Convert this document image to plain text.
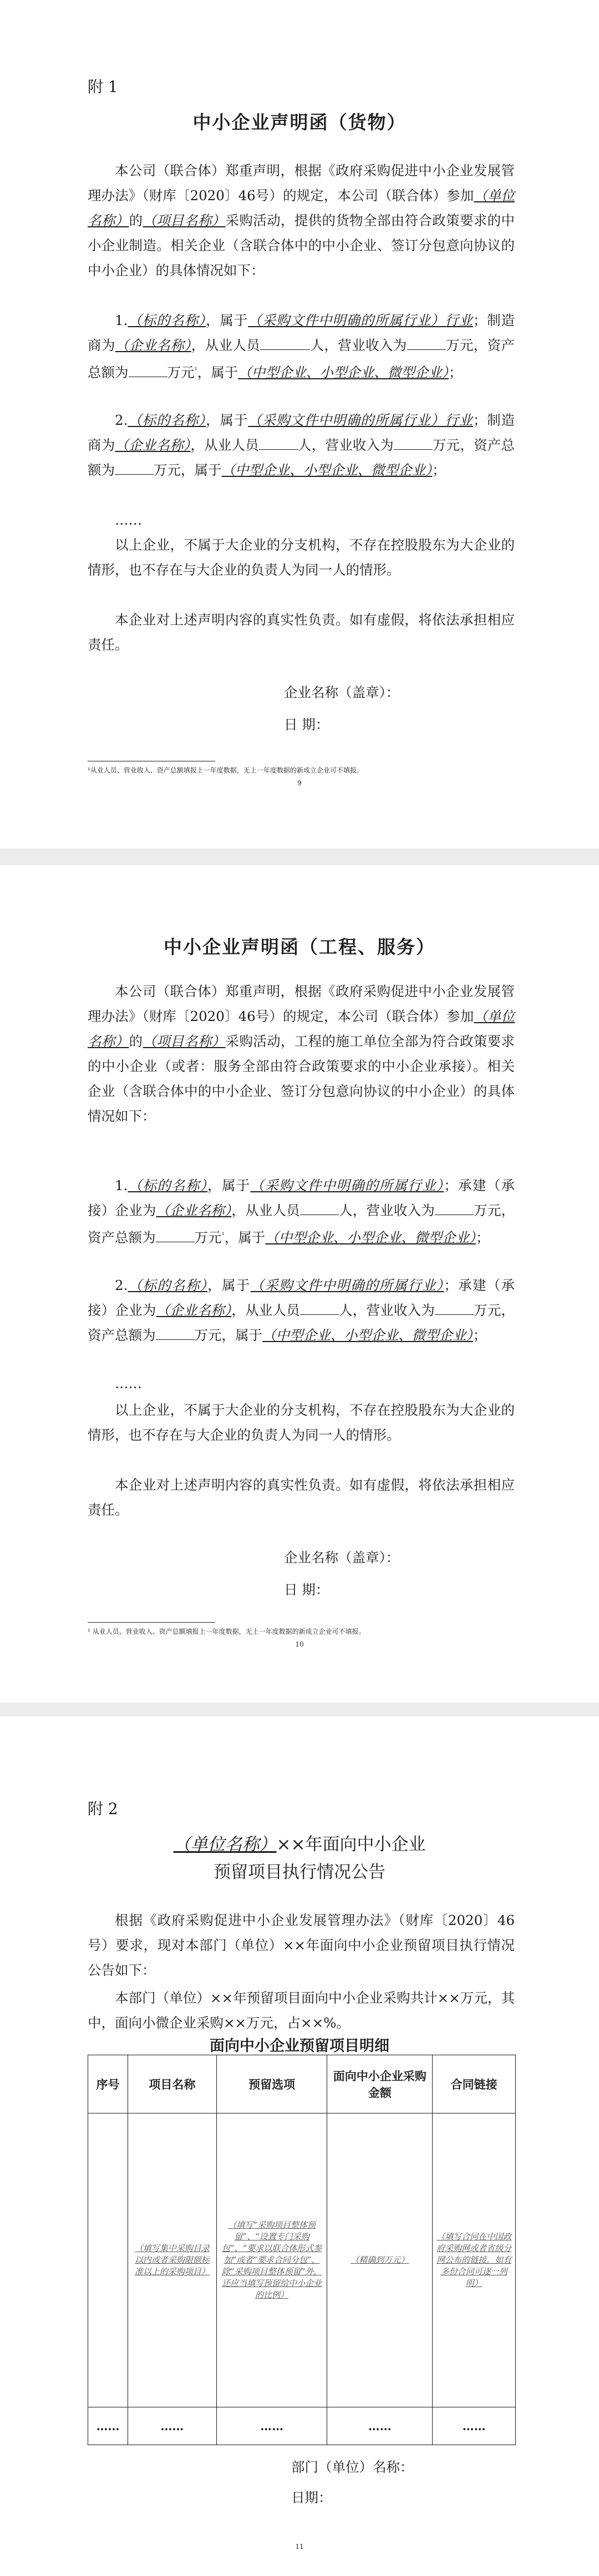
附 1
中小企业声明函（货物）

本公司（联合体）郑重声明，根据《政府采购促进中小企业发展管理办法》（财库〔2020〕46号）的规定，本公司（联合体）参加（单位名称）的（项目名称）采购活动，提供的货物全部由符合政策要求的中小企业制造。相关企业（含联合体中的中小企业、签订分包意向协议的中小企业）的具体情况如下：

1.（标的名称），属于（采购文件中明确的所属行业）行业；制造商为（企业名称），从业人员	人，营业收入为	万元，资产总额为	万元$^{^1}$，属于（中型企业、小型企业、微型企业）；

2.（标的名称），属于（采购文件中明确的所属行业）行业；制造商为（企业名称），从业人员	人，营业收入为	万元，资产总额为	万元，属于（中型企业、小型企业、微型企业）；

……

以上企业，不属于大企业的分支机构，不存在控股股东为大企业的情形，也不存在与大企业的负责人为同一人的情形。

本企业对上述声明内容的真实性负责。如有虚假，将依法承担相应责任。

企业名称（盖章）：
日 期：
¹从业人员、营业收入、资产总额填报上一年度数据，无上一年度数据的新成立企业可不填报。
9
中小企业声明函（工程、服务）

本公司（联合体）郑重声明，根据《政府采购促进中小企业发展管理办法》（财库〔2020〕46号）的规定，本公司（联合体）参加（单位名称）的（项目名称）采购活动，工程的施工单位全部为符合政策要求的中小企业（或者：服务全部由符合政策要求的中小企业承接）。相关企业（含联合体中的中小企业、签订分包意向协议的中小企业）的具体情况如下：

1.（标的名称），属于（采购文件中明确的所属行业）；承建（承接）企业为（企业名称），从业人员	人，营业收入为	万元，资产总额为	万元$^{^1}$，属于（中型企业、小型企业、微型企业）；

2.（标的名称），属于（采购文件中明确的所属行业）；承建（承接）企业为（企业名称），从业人员	人，营业收入为	万元，资产总额为	万元，属于（中型企业、小型企业、微型企业）；

……

以上企业，不属于大企业的分支机构，不存在控股股东为大企业的情形，也不存在与大企业的负责人为同一人的情形。

本企业对上述声明内容的真实性负责。如有虚假，将依法承担相应责任。

企业名称（盖章）：
日 期：
¹ 从业人员、营业收入、资产总额填报上一年度数据，无上一年度数据的新成立企业可不填报。
10
附 2
（单位名称）××年面向中小企业
预留项目执行情况公告

根据《政府采购促进中小企业发展管理办法》（财库〔2020〕46号）要求，现对本部门（单位）××年面向中小企业预留项目执行情况公告如下：

本部门（单位）××年预留项目面向中小企业采购共计××万元，其中，面向小微企业采购××万元，占××%。

面向中小企业预留项目明细
序号	项目名称	预留选项	面向中小企业采购金额	合同链接
	（填写集中采购目录以内或者采购限额标准以上的采购项目）	（填写“采购项目整体预留”、“设置专门采购包”、“要求以联合体形式参加”或者“要求合同分包”，除“采购项目整体预留”外，还应当填写预留给中小企业的比例）	（精确到万元）	（填写合同在中国政府采购网或者省级分网公布的链接，如有多份合同可逐一列明）
……	……	……	……	……
部门（单位）名称：
日期：
11
